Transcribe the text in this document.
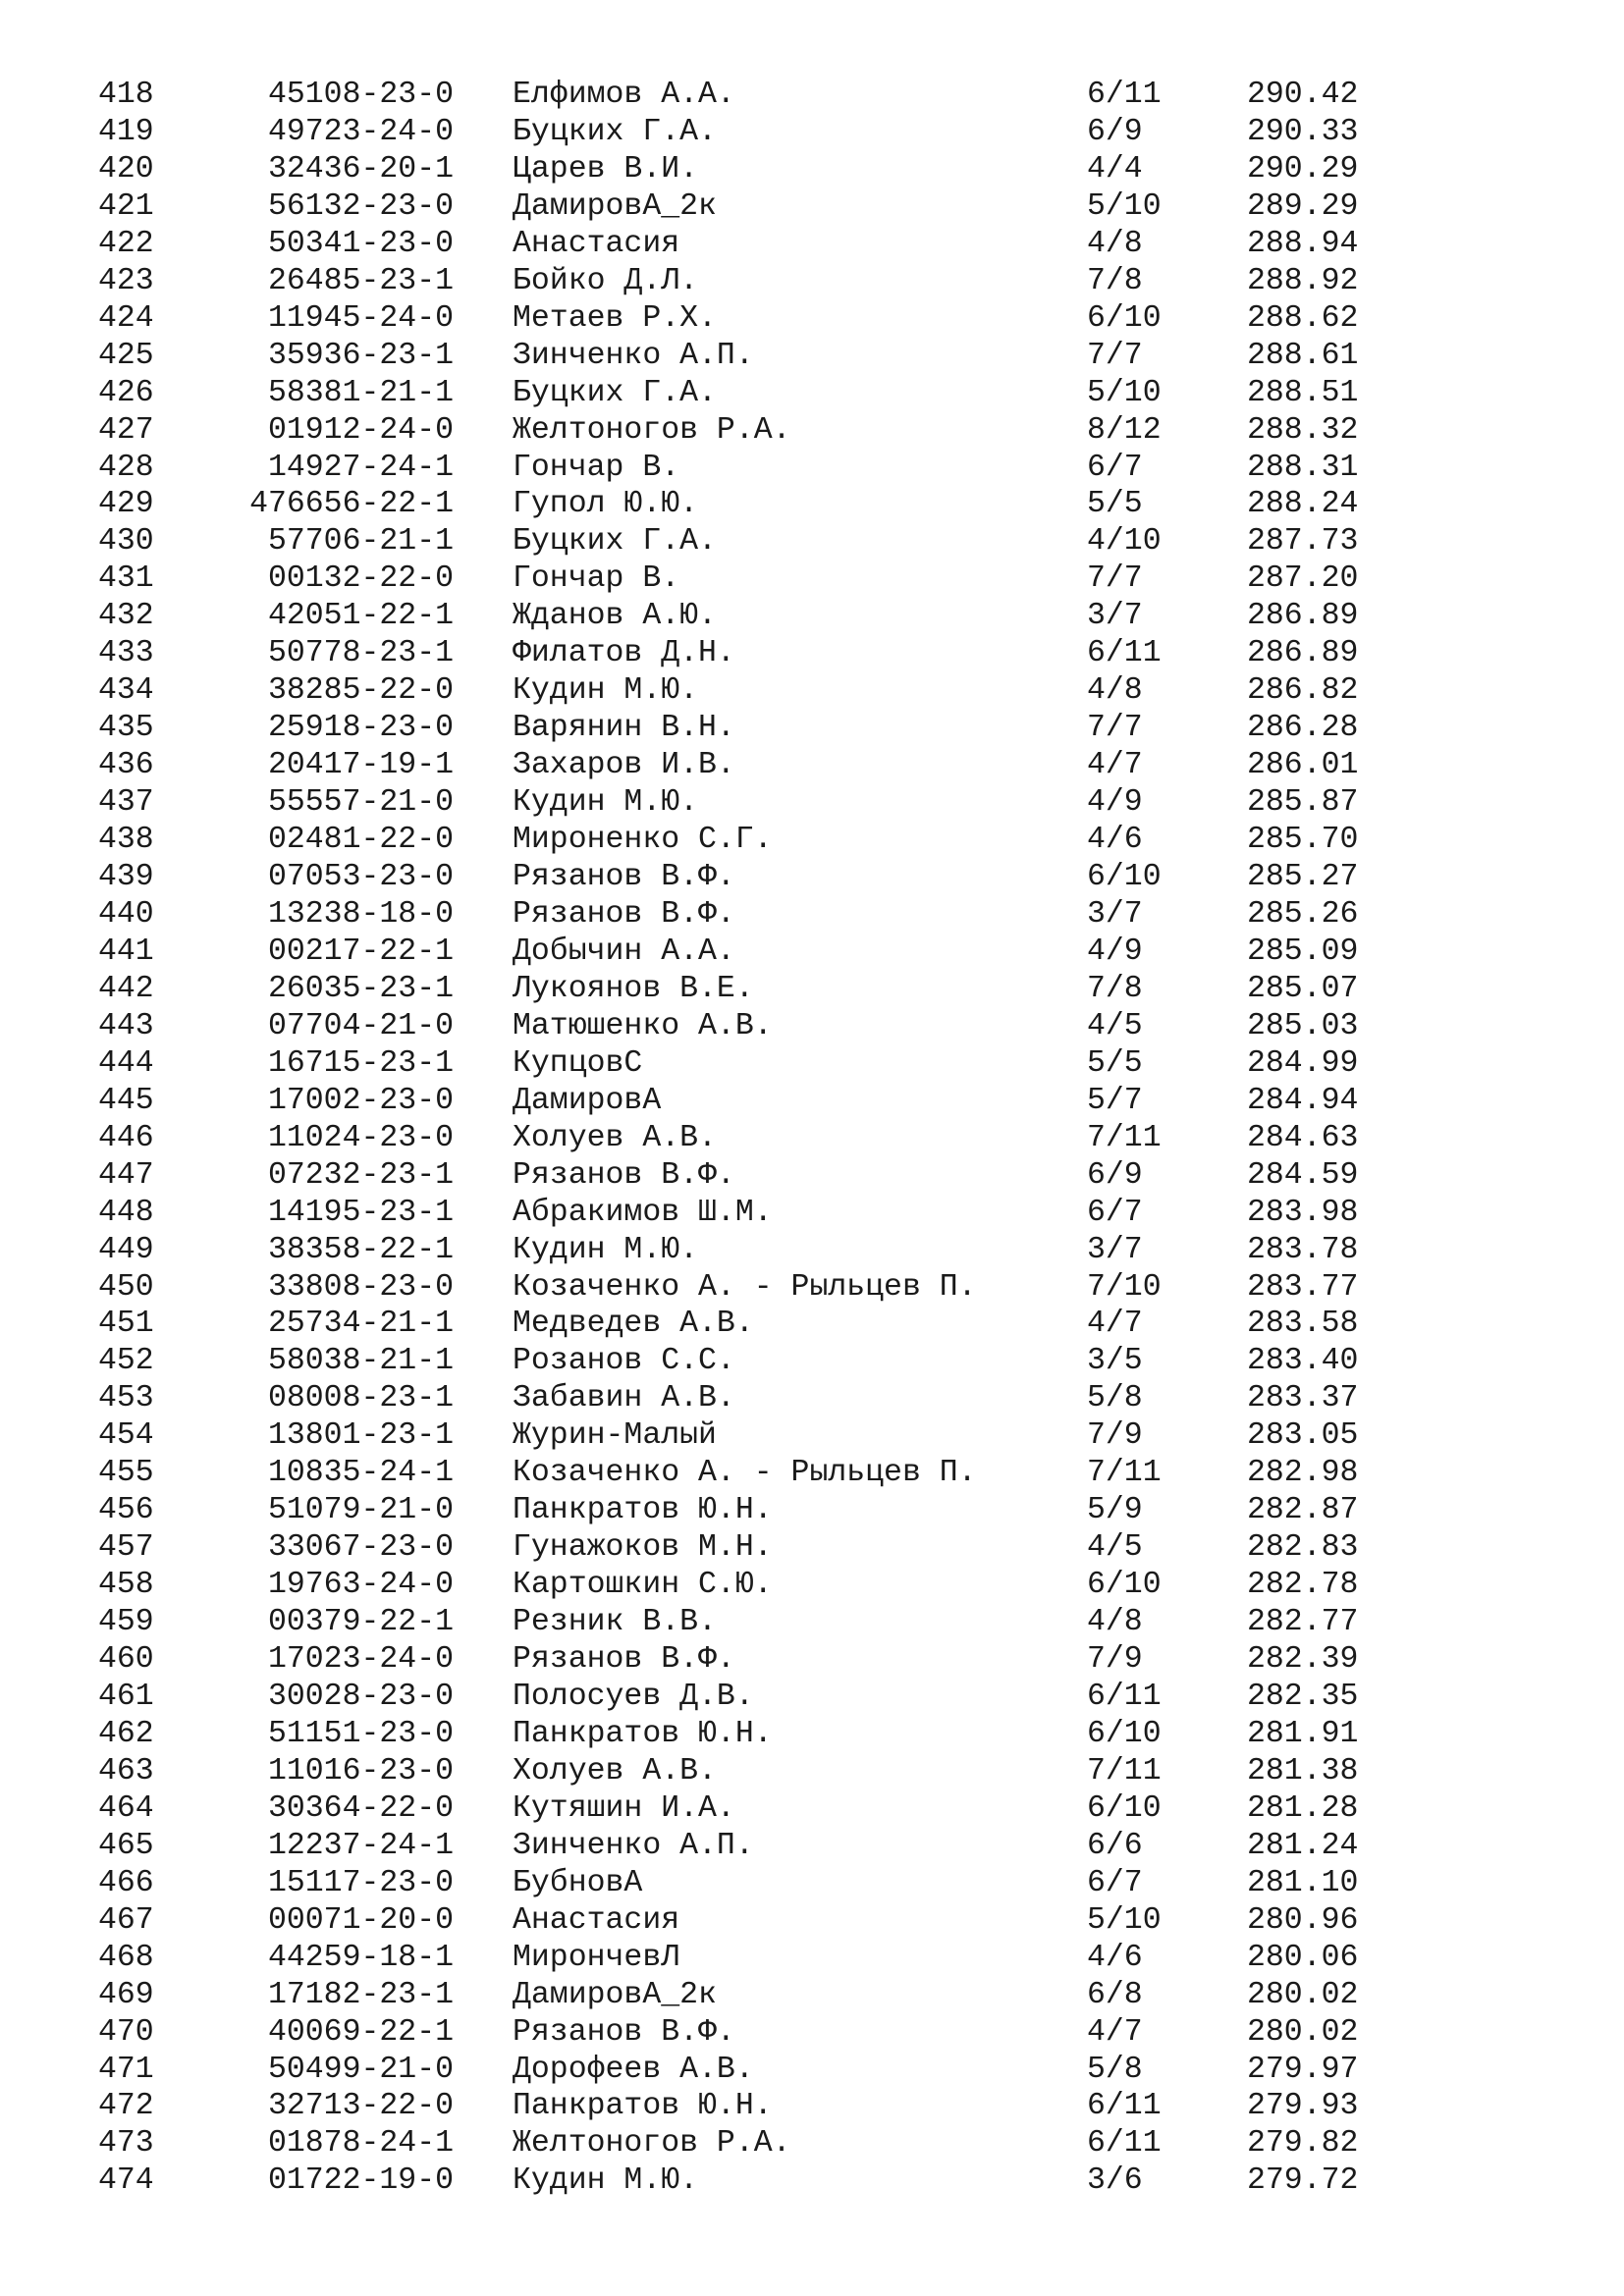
418	45108-23-0 Елфимов А.А.	6/11	290.42
419	49723-24-0 Буцких Г.А.	6/9	290.33
420	32436-20-1 Царев В.И.	4/4	290.29
421	56132-23-0 ДамировА_2к	5/10	289.29
422	50341-23-0 Анастасия	4/8	288.94
423	26485-23-1 Бойко Д.Л.	7/8	288.92
424	11945-24-0 Метаев Р.Х.	6/10	288.62
425	35936-23-1 Зинченко А.П.	7/7	288.61
426	58381-21-1 Буцких Г.А.	5/10	288.51
427	01912-24-0 Желтоногов Р.А.	8/12	288.32
428	14927-24-1 Гончар В.	6/7	288.31
429	476656-22-1 Гупол Ю.Ю.	5/5	288.24
430	57706-21-1 Буцких Г.А.	4/10	287.73
431	00132-22-0 Гончар В.	7/7	287.20
432	42051-22-1 Жданов А.Ю.	3/7	286.89
433	50778-23-1 Филатов Д.Н.	6/11	286.89
434	38285-22-0 Кудин М.Ю.	4/8	286.82
435	25918-23-0 Варянин В.Н.	7/7	286.28
436	20417-19-1 Захаров И.В.	4/7	286.01
437	55557-21-0 Кудин М.Ю.	4/9	285.87
438	02481-22-0 Мироненко С.Г.	4/6	285.70
439	07053-23-0 Рязанов В.Ф.	6/10	285.27
440	13238-18-0 Рязанов В.Ф.	3/7	285.26
441	00217-22-1 Добычин А.А.	4/9	285.09
442	26035-23-1 Лукоянов В.Е.	7/8	285.07
443	07704-21-0 Матюшенко А.В.	4/5	285.03
444	16715-23-1 КупцовС	5/5	284.99
445	17002-23-0 ДамировА	5/7	284.94
446	11024-23-0 Холуев А.В.	7/11	284.63
447	07232-23-1 Рязанов В.Ф.	6/9	284.59
448	14195-23-1 Абракимов Ш.М.	6/7	283.98
449	38358-22-1 Кудин М.Ю.	3/7	283.78
450	33808-23-0 Козаченко А. - Рыльцев П.	7/10	283.77
451	25734-21-1 Медведев А.В.	4/7	283.58
452	58038-21-1 Розанов С.С.	3/5	283.40
453	08008-23-1 Забавин А.В.	5/8	283.37
454	13801-23-1 Журин-Малый	7/9	283.05
455	10835-24-1 Козаченко А. - Рыльцев П.	7/11	282.98
456	51079-21-0 Панкратов Ю.Н.	5/9	282.87
457	33067-23-0 Гунажоков М.Н.	4/5	282.83
458	19763-24-0 Картошкин С.Ю.	6/10	282.78
459	00379-22-1 Резник В.В.	4/8	282.77
460	17023-24-0 Рязанов В.Ф.	7/9	282.39
461	30028-23-0 Полосуев Д.В.	6/11	282.35
462	51151-23-0 Панкратов Ю.Н.	6/10	281.91
463	11016-23-0 Холуев А.В.	7/11	281.38
464	30364-22-0 Кутяшин И.А.	6/10	281.28
465	12237-24-1 Зинченко А.П.	6/6	281.24
466	15117-23-0 БубновА	6/7	281.10
467	00071-20-0 Анастасия	5/10	280.96
468	44259-18-1 МирончевЛ	4/6	280.06
469	17182-23-1 ДамировА_2к	6/8	280.02
470	40069-22-1 Рязанов В.Ф.	4/7	280.02
471	50499-21-0 Дорофеев А.В.	5/8	279.97
472	32713-22-0 Панкратов Ю.Н.	6/11	279.93
473	01878-24-1 Желтоногов Р.А.	6/11	279.82
474	01722-19-0 Кудин М.Ю.	3/6	279.72
